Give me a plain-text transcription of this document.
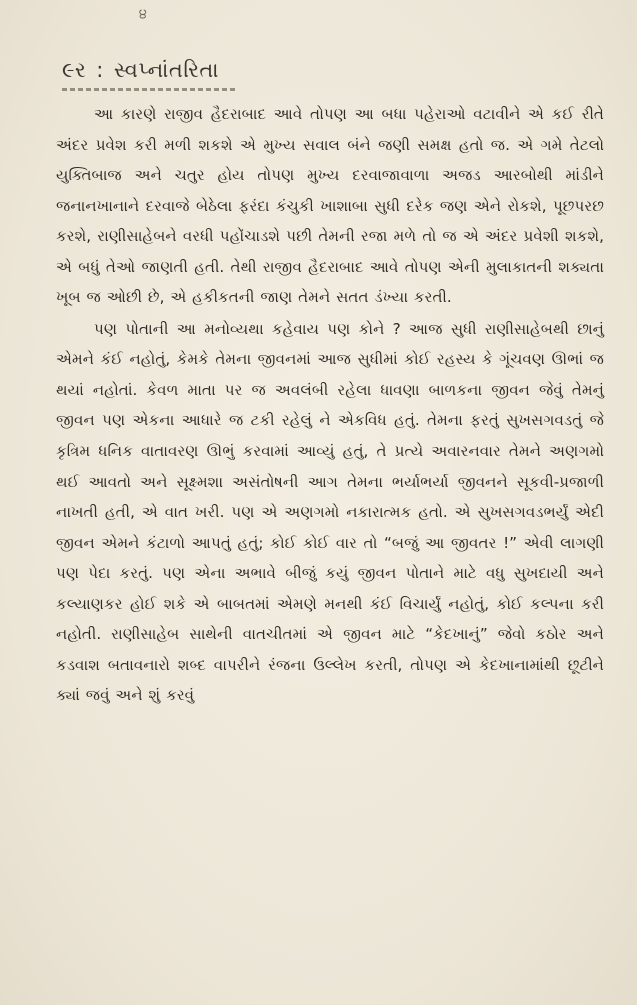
੪
૯ર : સ્વપ્નાંતરિતા

આ કારણે રાજીવ હૈદરાબાદ આવે તોપણ આ બધા પહેરાઓ વટાવીને એ કઈ રીતે અંદર પ્રવેશ કરી મળી શકશે એ મુખ્ય સવાલ બંને જણી સમક્ષ હતો જ. એ ગમે તેટલો યુક્તિબાજ અને ચતુર હોય તોપણ મુખ્ય દરવાજાવાળા અજડ આરબોથી માંડીને જનાનખાનાને દરવાજે બેઠેલા ફરંદા કંચુકી ખાશાબા સુધી દરેક જણ એને રોકશે, પૂછપરછ કરશે, રાણીસાહેબને વરધી પહોંચાડશે પછી તેમની રજા મળે તો જ એ અંદર પ્રવેશી શકશે, એ બધું તેઓ જાણતી હતી. તેથી રાજીવ હૈદરાબાદ આવે તોપણ એની મુલાકાતની શક્યતા ખૂબ જ ઓછી છે, એ હકીકતની જાણ તેમને સતત ડંખ્યા કરતી.

પણ પોતાની આ મનોવ્યથા કહેવાય પણ કોને ? આજ સુધી રાણીસાહેબથી છાનું એમને કંઈ નહોતું, કેમકે તેમના જીવનમાં આજ સુધીમાં કોઈ રહસ્ય કે ગૂંચવણ ઊભાં જ થયાં નહોતાં. કેવળ માતા પર જ અવલંબી રહેલા ધાવણા બાળકના જીવન જેવું તેમનું જીવન પણ એકના આધારે જ ટકી રહેલું ને એકવિધ હતું. તેમના ફરતું સુખસગવડતું જે કૃત્રિમ ધનિક વાતાવરણ ઊભું કરવામાં આવ્યું હતું, તે પ્રત્યે અવારનવાર તેમને અણગમો થઈ આવતો અને સૂક્ષ્મશા અસંતોષની આગ તેમના ભર્યાભર્યા જીવનને સૂકવી-પ્રજાળી નાખતી હતી, એ વાત ખરી. પણ એ અણગમો નકારાત્મક હતો. એ સુખસગવડભર્યું એદી જીવન એમને કંટાળો આપતું હતું; કોઈ કોઈ વાર તો “બજું આ જીવતર !” એવી લાગણી પણ પેદા કરતું. પણ એના અભાવે બીજું કયું જીવન પોતાને માટે વધુ સુખદાયી અને કલ્યાણકર હોઈ શકે એ બાબતમાં એમણે મનથી કંઈ વિચાર્યું નહોતું, કોઈ કલ્પના કરી નહોતી. રાણીસાહેબ સાથેની વાતચીતમાં એ જીવન માટે “કેદખાનું” જેવો કઠોર અને કડવાશ બતાવનારો શબ્દ વાપરીને રંજના ઉલ્લેખ કરતી, તોપણ એ કેદખાનામાંથી છૂટીને ક્યાં જવું અને શું કરવું
